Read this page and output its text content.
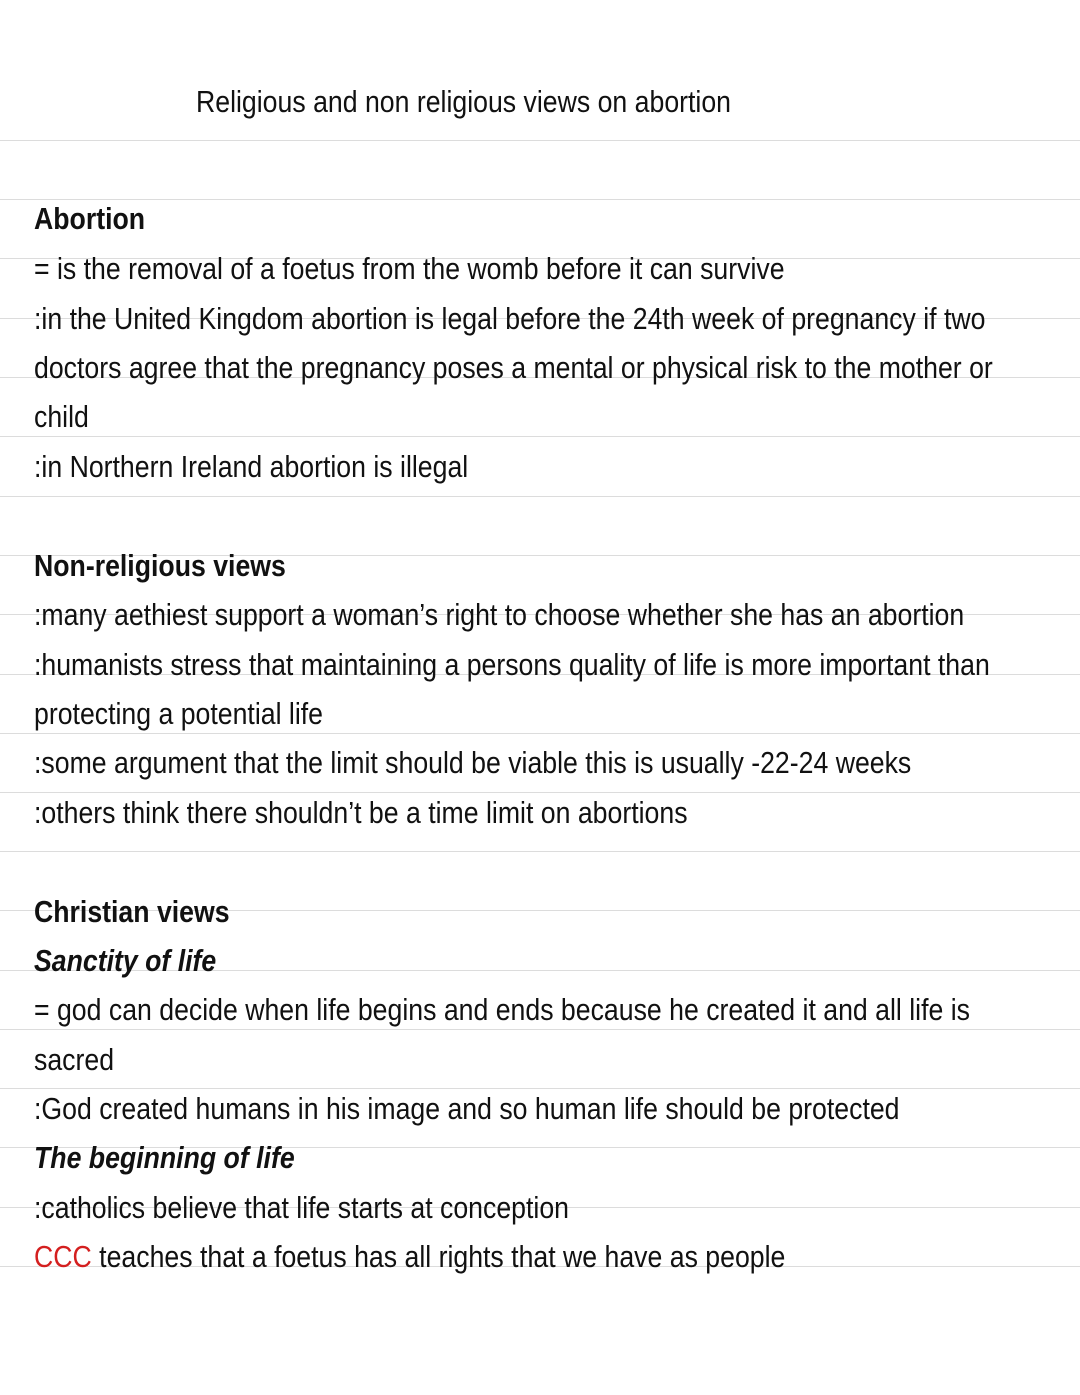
Religious and non religious views on abortion
Abortion
= is the removal of a foetus from the womb before it can survive
:in the United Kingdom abortion is legal before the 24th week of pregnancy if two
doctors agree that the pregnancy poses a mental or physical risk to the mother or
child
:in Northern Ireland abortion is illegal
Non-religious views
:many aethiest support a woman’s right to choose whether she has an abortion
:humanists stress that maintaining a persons quality of life is more important than
protecting a potential life
:some argument that the limit should be viable this is usually -22-24 weeks
:others think there shouldn’t be a time limit on abortions
Christian views
Sanctity of life
= god can decide when life begins and ends because he created it and all life is
sacred
:God created humans in his image and so human life should be protected
The beginning of life
:catholics believe that life starts at conception
CCC teaches that a foetus has all rights that we have as people
